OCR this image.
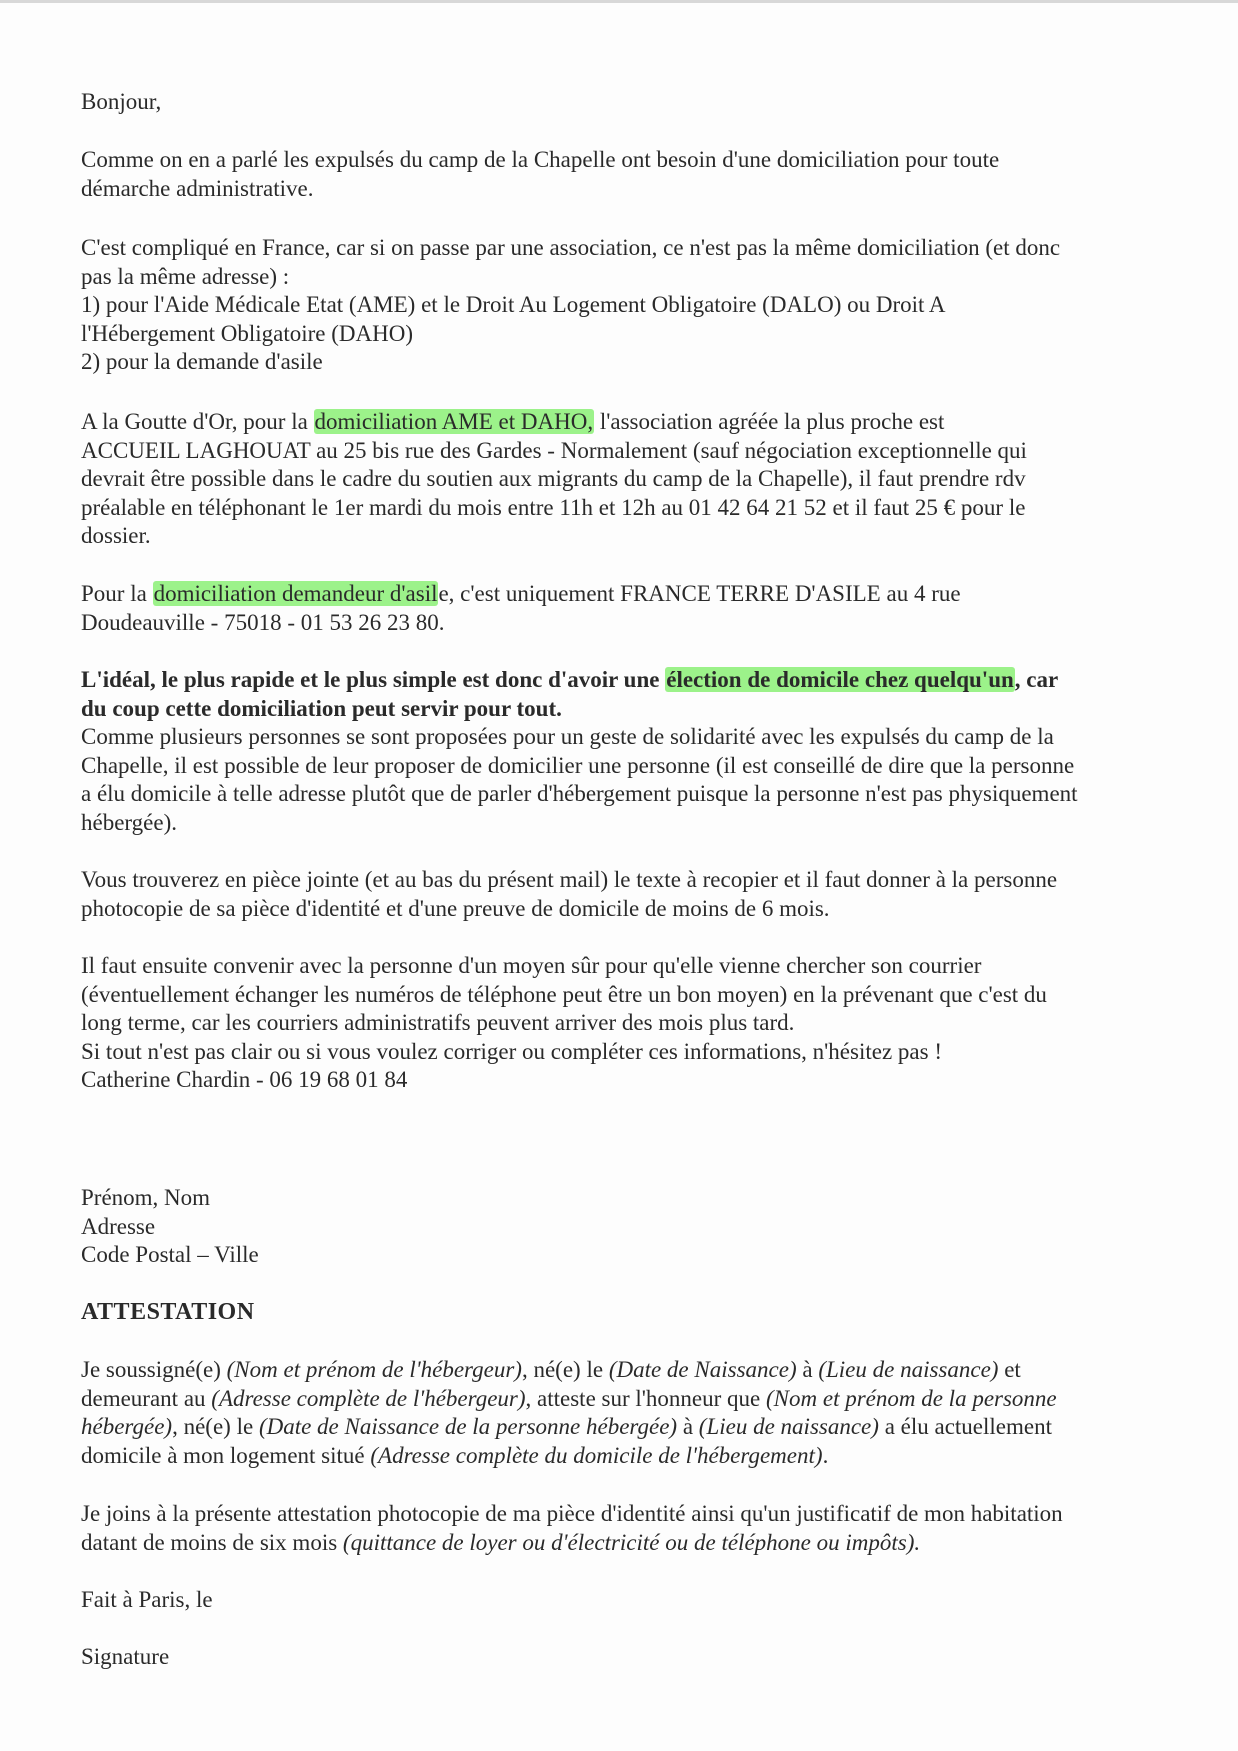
Bonjour,
Comme on en a parlé les expulsés du camp de la Chapelle ont besoin d'une domiciliation pour toute
démarche administrative.
C'est compliqué en France, car si on passe par une association, ce n'est pas la même domiciliation (et donc
pas la même adresse) :
1) pour l'Aide Médicale Etat (AME) et le Droit Au Logement Obligatoire (DALO) ou Droit A
l'Hébergement Obligatoire (DAHO)
2) pour la demande d'asile
A la Goutte d'Or, pour la domiciliation AME et DAHO, l'association agréée la plus proche est
ACCUEIL LAGHOUAT au 25 bis rue des Gardes - Normalement (sauf négociation exceptionnelle qui
devrait être possible dans le cadre du soutien aux migrants du camp de la Chapelle), il faut prendre rdv
préalable en téléphonant le 1er mardi du mois entre 11h et 12h au 01 42 64 21 52 et il faut 25 € pour le
dossier.
Pour la domiciliation demandeur d'asile, c'est uniquement FRANCE TERRE D'ASILE au 4 rue
Doudeauville - 75018 - 01 53 26 23 80.
L'idéal, le plus rapide et le plus simple est donc d'avoir une élection de domicile chez quelqu'un, car
du coup cette domiciliation peut servir pour tout.
Comme plusieurs personnes se sont proposées pour un geste de solidarité avec les expulsés du camp de la
Chapelle, il est possible de leur proposer de domicilier une personne (il est conseillé de dire que la personne
a élu domicile à telle adresse plutôt que de parler d'hébergement puisque la personne n'est pas physiquement
hébergée).
Vous trouverez en pièce jointe (et au bas du présent mail) le texte à recopier et il faut donner à la personne
photocopie de sa pièce d'identité et d'une preuve de domicile de moins de 6 mois.
Il faut ensuite convenir avec la personne d'un moyen sûr pour qu'elle vienne chercher son courrier
(éventuellement échanger les numéros de téléphone peut être un bon moyen) en la prévenant que c'est du
long terme, car les courriers administratifs peuvent arriver des mois plus tard.
Si tout n'est pas clair ou si vous voulez corriger ou compléter ces informations, n'hésitez pas !
Catherine Chardin - 06 19 68 01 84
Prénom, Nom
Adresse
Code Postal – Ville
ATTESTATION
Je soussigné(e) (Nom et prénom de l'hébergeur), né(e) le (Date de Naissance) à (Lieu de naissance) et
demeurant au (Adresse complète de l'hébergeur), atteste sur l'honneur que (Nom et prénom de la personne
hébergée), né(e) le (Date de Naissance de la personne hébergée) à (Lieu de naissance) a élu actuellement
domicile à mon logement situé (Adresse complète du domicile de l'hébergement).
Je joins à la présente attestation photocopie de ma pièce d'identité ainsi qu'un justificatif de mon habitation
datant de moins de six mois (quittance de loyer ou d'électricité ou de téléphone ou impôts).
Fait à Paris, le
Signature
